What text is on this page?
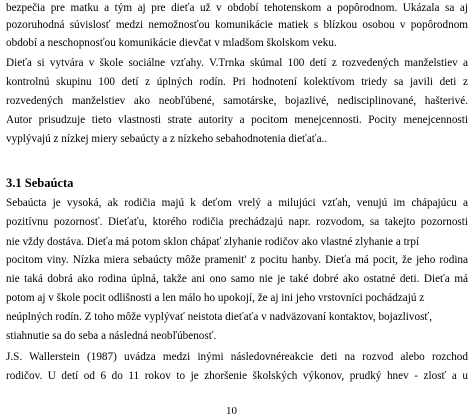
bezpečia pre matku a tým aj pre dieťa už v období tehotenskom a popôrodnom. Ukázala sa aj
pozoruhodná súvislosť medzi nemožnosťou komunikácie matiek s blízkou osobou v popôrodnom
období a neschopnosťou komunikácie dievčat v mladšom školskom veku.
Dieťa si vytvára v škole sociálne vzťahy. V.Trnka skúmal 100 detí z rozvedených manželstiev a
kontrolnú skupinu 100 detí z úplných rodín. Pri hodnotení kolektívom triedy sa javili deti z
rozvedených manželstiev ako neobľúbené, samotárske, bojazlivé, nedisciplinované, hašterivé.
Autor prisudzuje tieto vlastnosti strate autority a pocitom menejcennosti. Pocity menejcennosti
vyplývajú z nízkej miery sebaúcty a z nízkeho sebahodnotenia dieťaťa..
3.1 Sebaúcta
Sebaúcta je vysoká, ak rodičia majú k deťom vrelý a milujúci vzťah, venujú im chápajúcu a
pozitívnu pozornosť. Dieťaťu, ktorého rodičia prechádzajú napr. rozvodom, sa takejto pozornosti
nie vždy dostáva. Dieťa má potom sklon chápať zlyhanie rodičov ako vlastné zlyhanie a trpí
pocitom viny. Nízka miera sebaúcty môže pramenit' z pocitu hanby. Dieťa má pocit, že jeho rodina
nie taká dobrá ako rodina úplná, takže ani ono samo nie je také dobré ako ostatné deti. Dieťa má
potom aj v škole pocit odlišnosti a len málo ho upokojí, že aj ini jeho vrstovníci pochádzajú z
neúplných rodín. Z toho môže vyplývať neistota dieťaťa v nadväzovaní kontaktov, bojazlivosť,
stiahnutie sa do seba a následná neobľúbenosť.
J.S. Wallerstein (1987) uvádza medzi inými následovnéreakcie deti na rozvod alebo rozchod
rodičov. U detí od 6 do 11 rokov to je zhoršenie školských výkonov, prudký hnev - zlosť a u
10
